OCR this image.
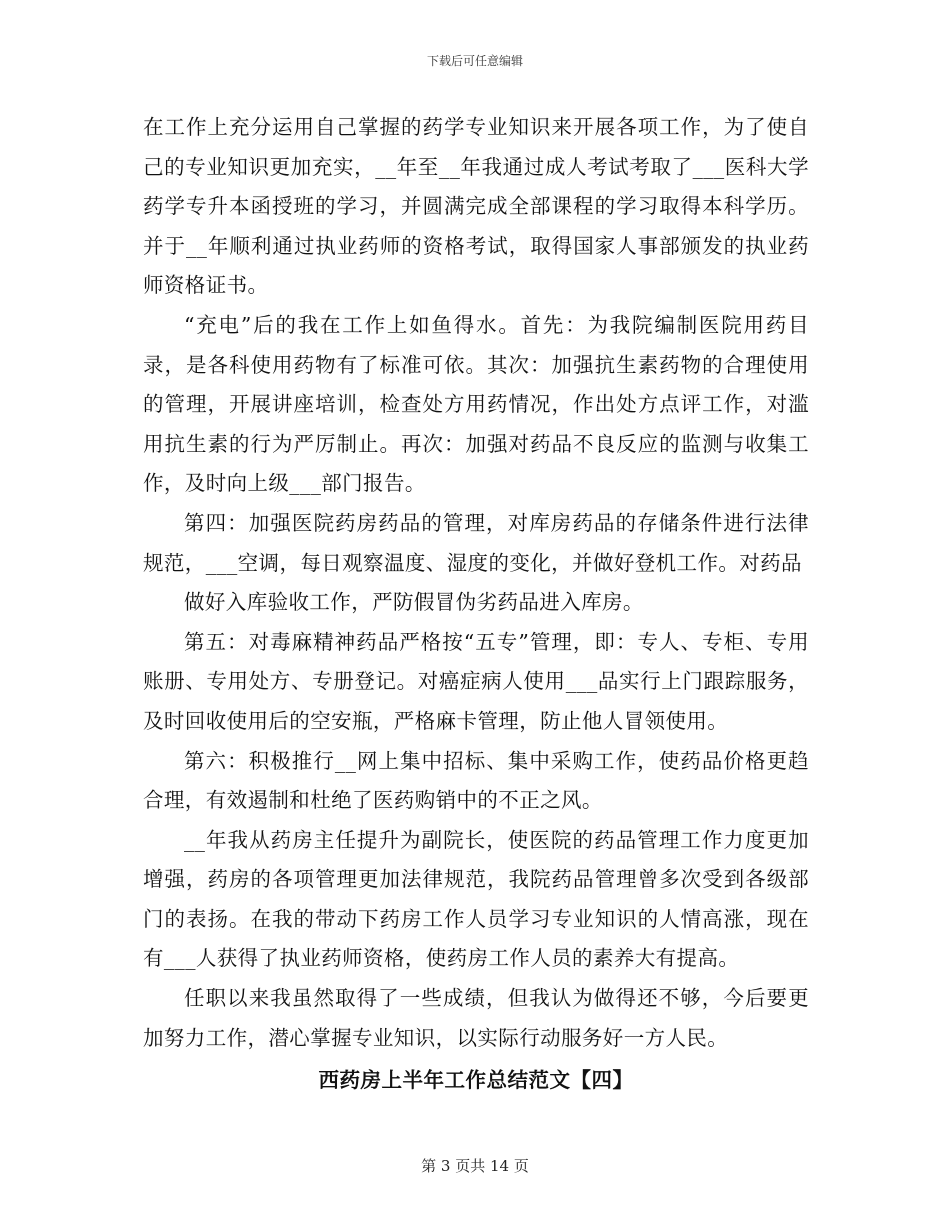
下载后可任意编辑

在工作上充分运用自己掌握的药学专业知识来开展各项工作，为了使自己的专业知识更加充实，__年至__年我通过成人考试考取了___医科大学药学专升本函授班的学习，并圆满完成全部课程的学习取得本科学历。并于__年顺利通过执业药师的资格考试，取得国家人事部颁发的执业药师资格证书。

“充电”后的我在工作上如鱼得水。首先：为我院编制医院用药目录，是各科使用药物有了标准可依。其次：加强抗生素药物的合理使用的管理，开展讲座培训，检查处方用药情况，作出处方点评工作，对滥用抗生素的行为严厉制止。再次：加强对药品不良反应的监测与收集工作，及时向上级___部门报告。

第四：加强医院药房药品的管理，对库房药品的存储条件进行法律规范，___空调，每日观察温度、湿度的变化，并做好登机工作。对药品

做好入库验收工作，严防假冒伪劣药品进入库房。

第五：对毒麻精神药品严格按“五专”管理，即：专人、专柜、专用账册、专用处方、专册登记。对癌症病人使用___品实行上门跟踪服务，及时回收使用后的空安瓶，严格麻卡管理，防止他人冒领使用。

第六：积极推行__网上集中招标、集中采购工作，使药品价格更趋合理，有效遏制和杜绝了医药购销中的不正之风。

__年我从药房主任提升为副院长，使医院的药品管理工作力度更加增强，药房的各项管理更加法律规范，我院药品管理曾多次受到各级部门的表扬。在我的带动下药房工作人员学习专业知识的人情高涨，现在有___人获得了执业药师资格，使药房工作人员的素养大有提高。

任职以来我虽然取得了一些成绩，但我认为做得还不够，今后要更加努力工作，潜心掌握专业知识，以实际行动服务好一方人民。

西药房上半年工作总结范文【四】
第 3 页共 14 页
